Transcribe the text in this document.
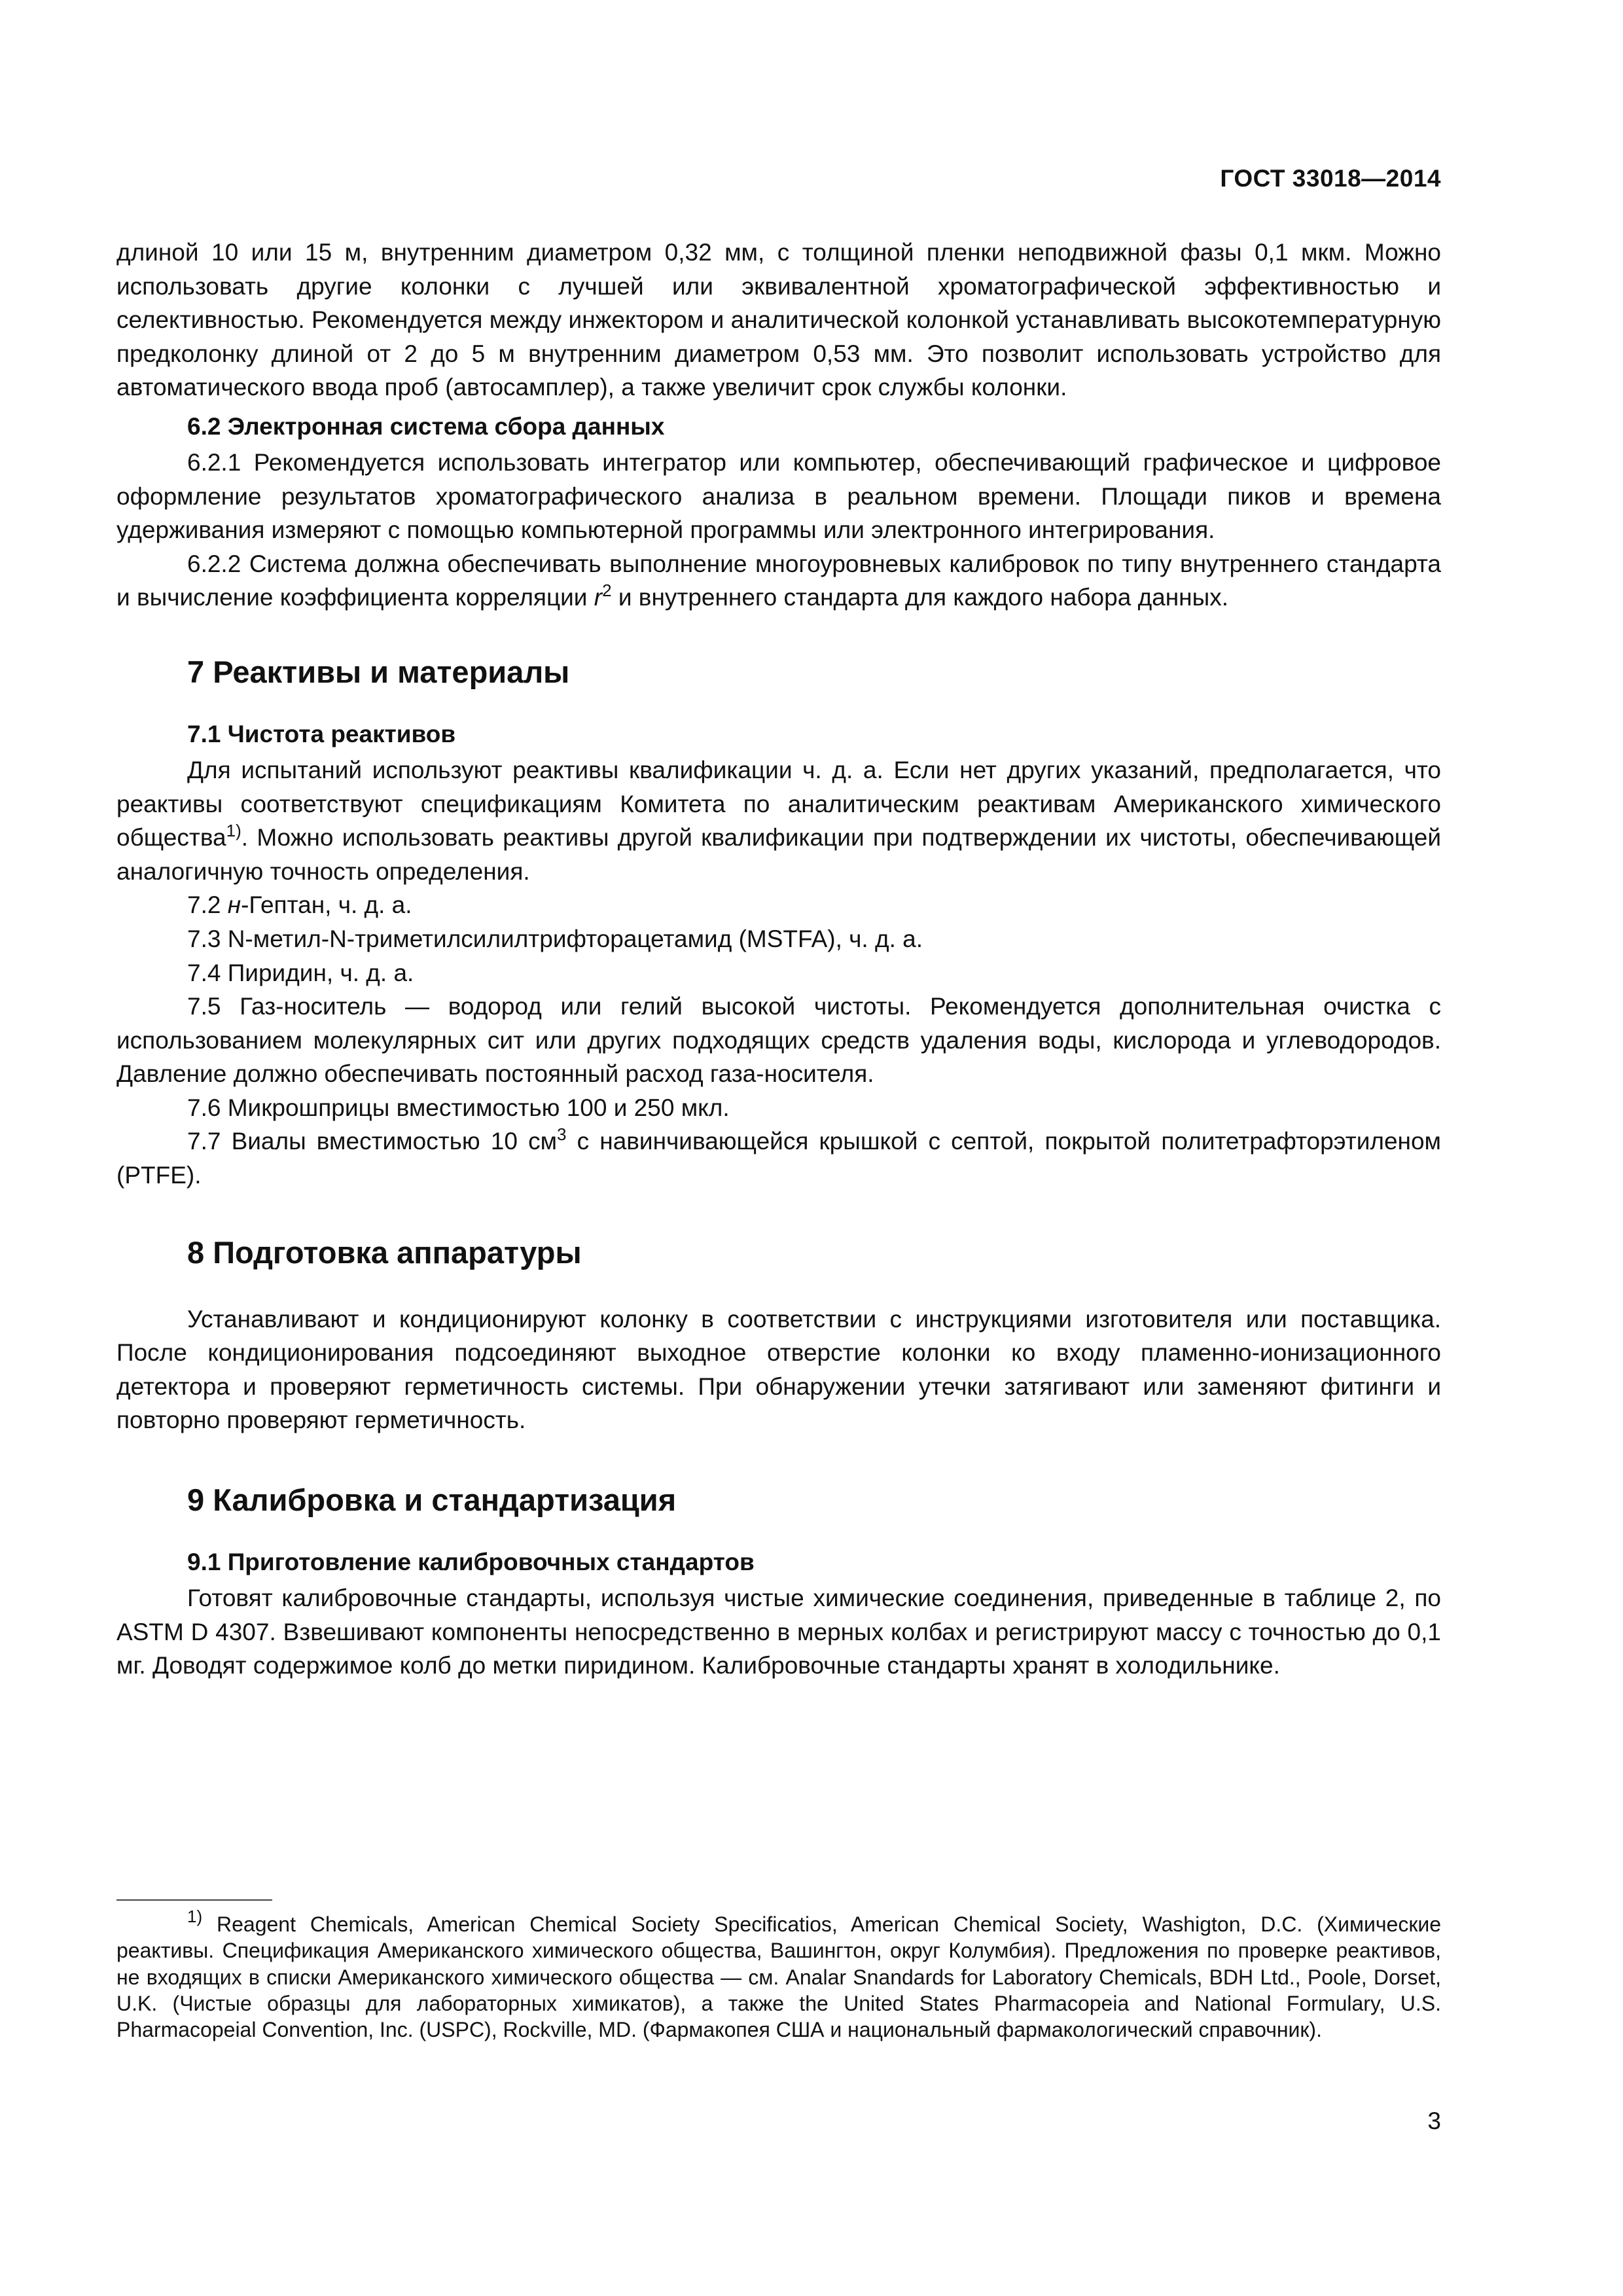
ГОСТ 33018—2014

длиной 10 или 15 м, внутренним диаметром 0,32 мм, с толщиной пленки неподвижной фазы 0,1 мкм. Можно использовать другие колонки с лучшей или эквивалентной хроматографической эффективностью и селективностью. Рекомендуется между инжектором и аналитической колонкой устанавливать высокотемпературную предколонку длиной от 2 до 5 м внутренним диаметром 0,53 мм. Это позволит использовать устройство для автоматического ввода проб (автосамплер), а также увеличит срок службы колонки.

6.2 Электронная система сбора данных

6.2.1 Рекомендуется использовать интегратор или компьютер, обеспечивающий графическое и цифровое оформление результатов хроматографического анализа в реальном времени. Площади пиков и времена удерживания измеряют с помощью компьютерной программы или электронного интегрирования.

6.2.2 Система должна обеспечивать выполнение многоуровневых калибровок по типу внутреннего стандарта и вычисление коэффициента корреляции $r^2$ и внутреннего стандарта для каждого набора данных.

7 Реактивы и материалы
7.1 Чистота реактивов

Для испытаний используют реактивы квалификации ч. д. а. Если нет других указаний, предполагается, что реактивы соответствуют спецификациям Комитета по аналитическим реактивам Американского химического общества$^{1)}$. Можно использовать реактивы другой квалификации при подтверждении их чистоты, обеспечивающей аналогичную точность определения.

7.2 н-Гептан, ч. д. а.

7.3 N-метил-N-триметилсилилтрифторацетамид (MSTFA), ч. д. а.

7.4 Пиридин, ч. д. а.

7.5 Газ-носитель — водород или гелий высокой чистоты. Рекомендуется дополнительная очистка с использованием молекулярных сит или других подходящих средств удаления воды, кислорода и углеводородов. Давление должно обеспечивать постоянный расход газа-носителя.

7.6 Микрошприцы вместимостью 100 и 250 мкл.

7.7 Виалы вместимостью 10 $см^3$ с навинчивающейся крышкой с септой, покрытой политетрафторэтиленом (PTFE).

8 Подготовка аппаратуры

Устанавливают и кондиционируют колонку в соответствии с инструкциями изготовителя или поставщика. После кондиционирования подсоединяют выходное отверстие колонки ко входу пламенно-ионизационного детектора и проверяют герметичность системы. При обнаружении утечки затягивают или заменяют фитинги и повторно проверяют герметичность.

9 Калибровка и стандартизация
9.1 Приготовление калибровочных стандартов

Готовят калибровочные стандарты, используя чистые химические соединения, приведенные в таблице 2, по ASTM D 4307. Взвешивают компоненты непосредственно в мерных колбах и регистрируют массу с точностью до 0,1 мг. Доводят содержимое колб до метки пиридином. Калибровочные стандарты хранят в холодильнике.

$^{1)}$ Reagent Chemicals, American Chemical Society Specificatios, American Chemical Society, Washigton, D.C. (Химические реактивы. Спецификация Американского химического общества, Вашингтон, округ Колумбия). Предложения по проверке реактивов, не входящих в списки Американского химического общества — см. Analar Snandards for Laboratory Chemicals, BDH Ltd., Poole, Dorset, U.K. (Чистые образцы для лабораторных химикатов), а также the United States Pharmacopeia and National Formulary, U.S. Pharmacopeial Convention, Inc. (USPC), Rockville, MD. (Фармакопея США и национальный фармакологический справочник).

3
